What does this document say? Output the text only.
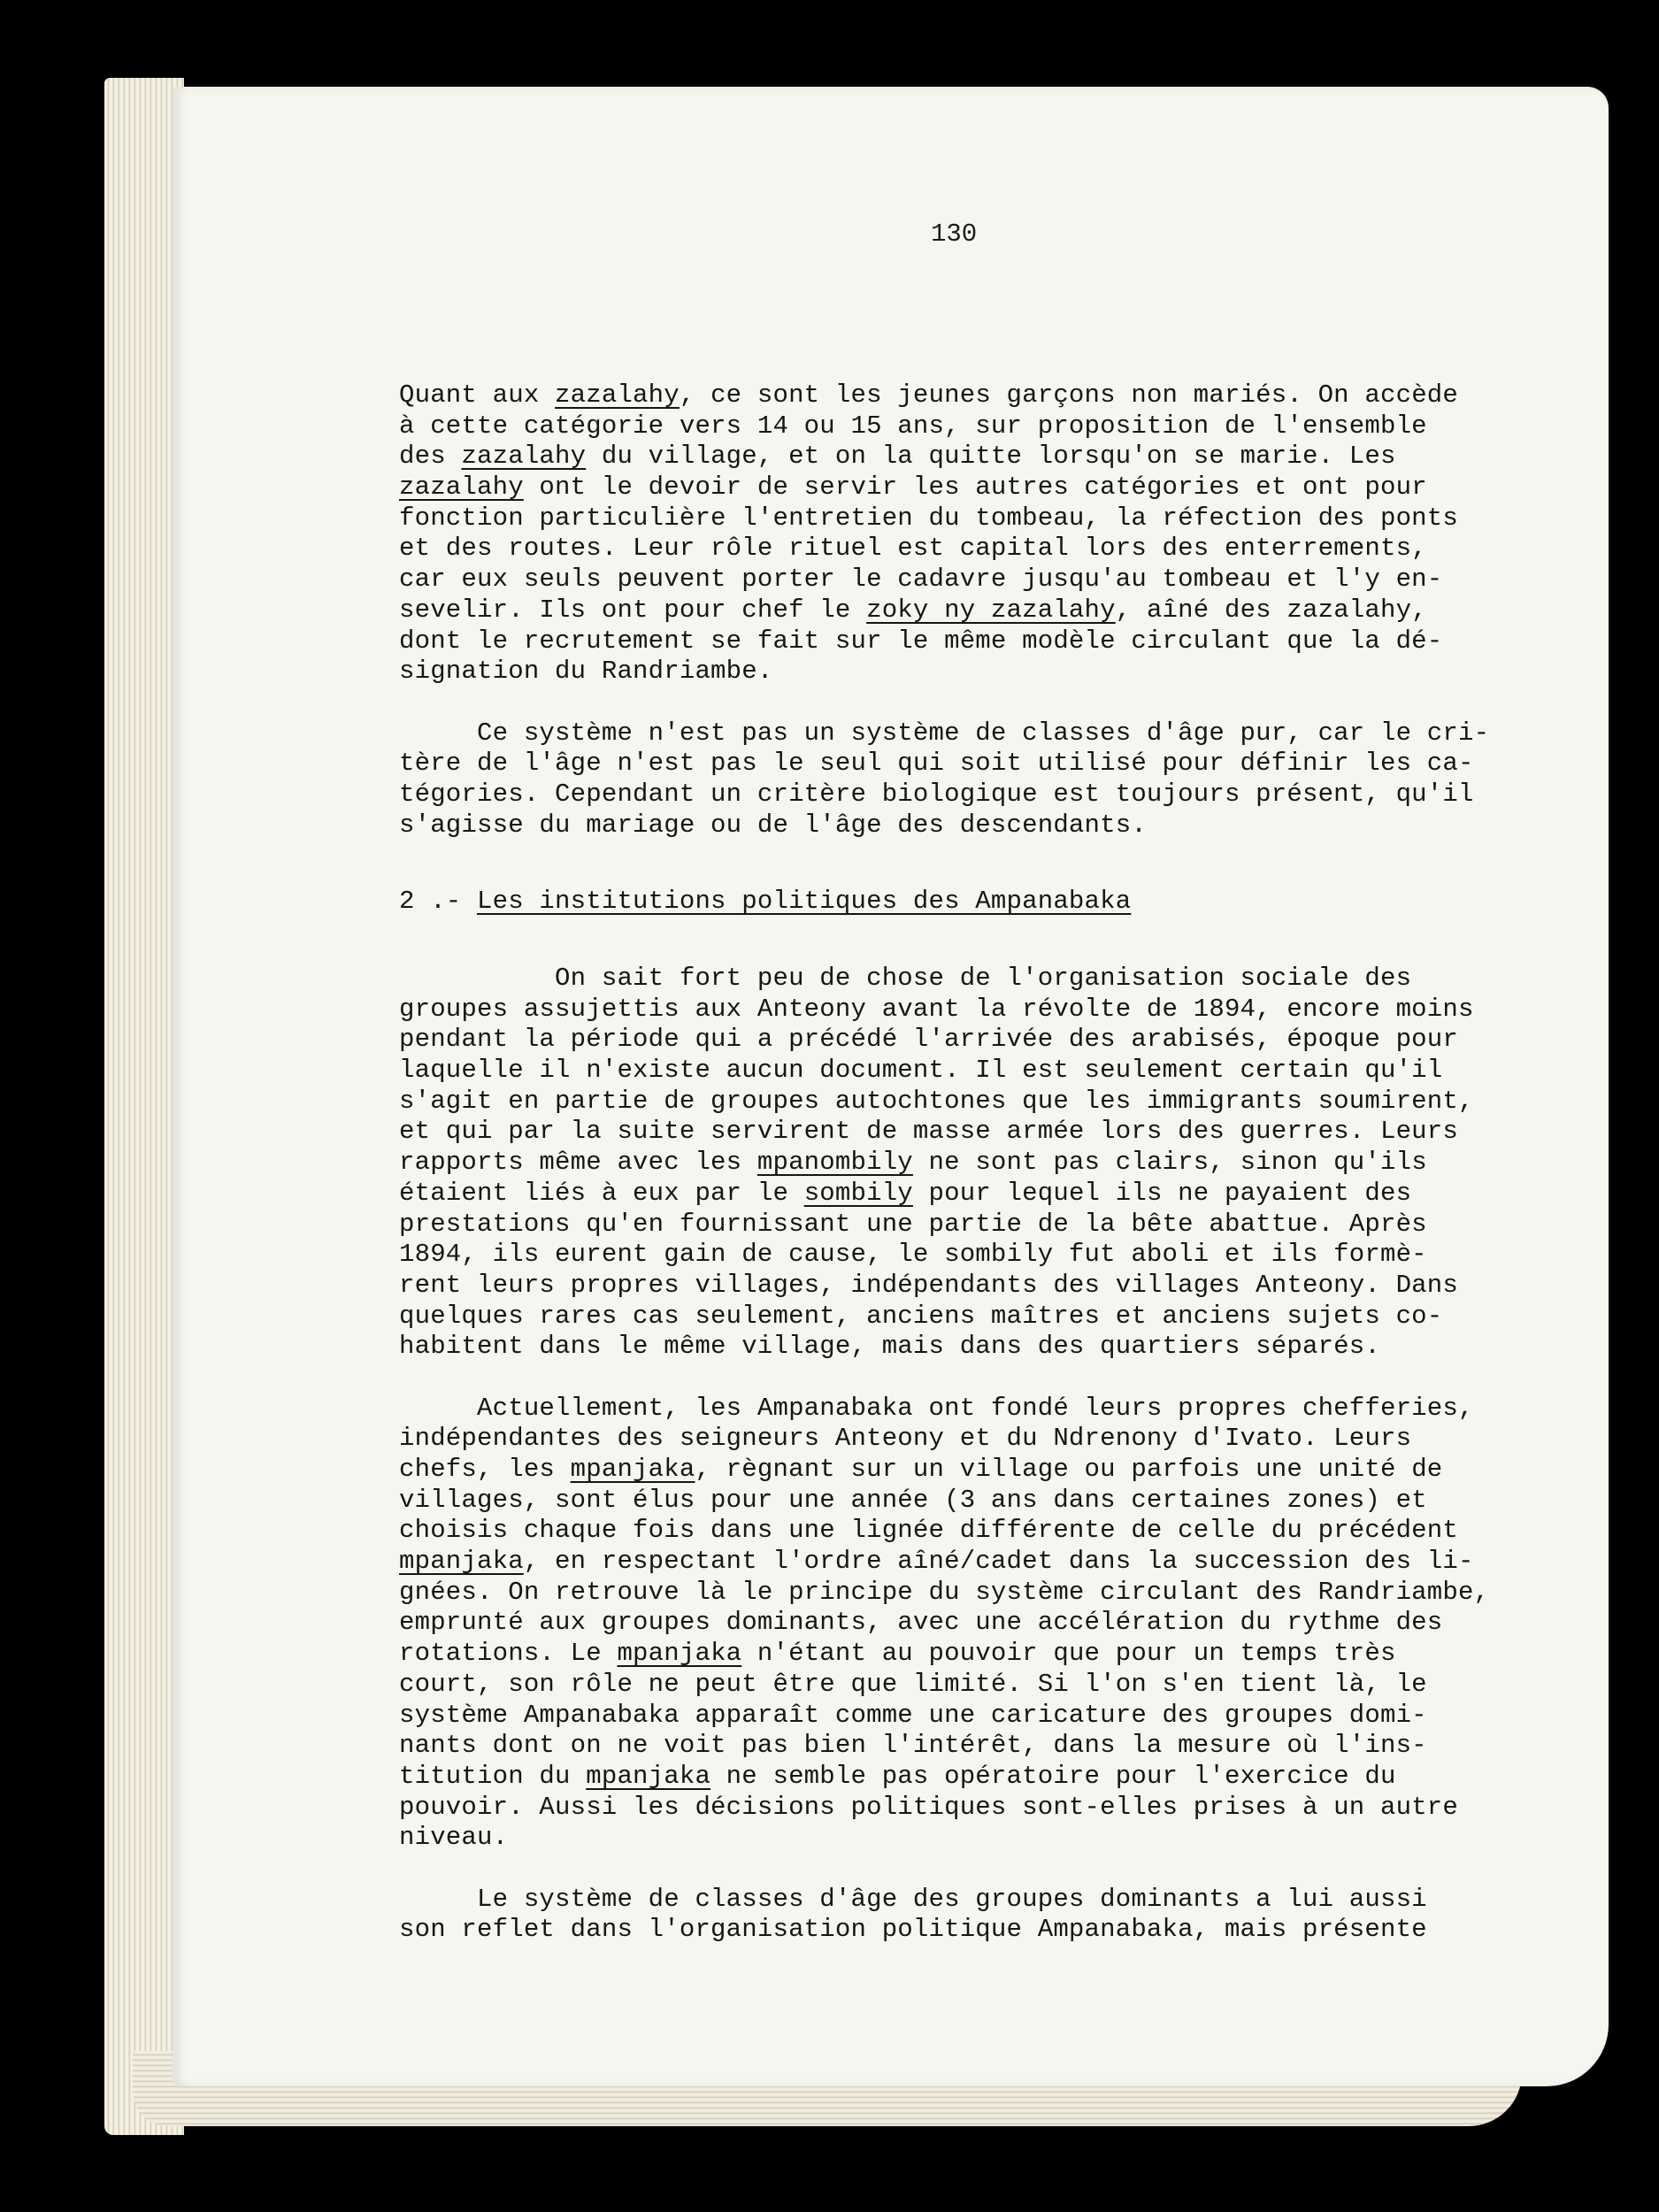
130
Quant aux zazalahy, ce sont les jeunes garçons non mariés. On accède
à cette catégorie vers 14 ou 15 ans, sur proposition de l'ensemble
des zazalahy du village, et on la quitte lorsqu'on se marie. Les
zazalahy ont le devoir de servir les autres catégories et ont pour
fonction particulière l'entretien du tombeau, la réfection des ponts
et des routes. Leur rôle rituel est capital lors des enterrements,
car eux seuls peuvent porter le cadavre jusqu'au tombeau et l'y en-
sevelir. Ils ont pour chef le zoky ny zazalahy, aîné des zazalahy,
dont le recrutement se fait sur le même modèle circulant que la dé-
signation du Randriambe.
Ce système n'est pas un système de classes d'âge pur, car le cri-
tère de l'âge n'est pas le seul qui soit utilisé pour définir les ca-
tégories. Cependant un critère biologique est toujours présent, qu'il
s'agisse du mariage ou de l'âge des descendants.
2 .- Les institutions politiques des Ampanabaka
On sait fort peu de chose de l'organisation sociale des
groupes assujettis aux Anteony avant la révolte de 1894, encore moins
pendant la période qui a précédé l'arrivée des arabisés, époque pour
laquelle il n'existe aucun document. Il est seulement certain qu'il
s'agit en partie de groupes autochtones que les immigrants soumirent,
et qui par la suite servirent de masse armée lors des guerres. Leurs
rapports même avec les mpanombily ne sont pas clairs, sinon qu'ils
étaient liés à eux par le sombily pour lequel ils ne payaient des
prestations qu'en fournissant une partie de la bête abattue. Après
1894, ils eurent gain de cause, le sombily fut aboli et ils formè-
rent leurs propres villages, indépendants des villages Anteony. Dans
quelques rares cas seulement, anciens maîtres et anciens sujets co-
habitent dans le même village, mais dans des quartiers séparés.
Actuellement, les Ampanabaka ont fondé leurs propres chefferies,
indépendantes des seigneurs Anteony et du Ndrenony d'Ivato. Leurs
chefs, les mpanjaka, règnant sur un village ou parfois une unité de
villages, sont élus pour une année (3 ans dans certaines zones) et
choisis chaque fois dans une lignée différente de celle du précédent
mpanjaka, en respectant l'ordre aîné/cadet dans la succession des li-
gnées. On retrouve là le principe du système circulant des Randriambe,
emprunté aux groupes dominants, avec une accélération du rythme des
rotations. Le mpanjaka n'étant au pouvoir que pour un temps très
court, son rôle ne peut être que limité. Si l'on s'en tient là, le
système Ampanabaka apparaît comme une caricature des groupes domi-
nants dont on ne voit pas bien l'intérêt, dans la mesure où l'ins-
titution du mpanjaka ne semble pas opératoire pour l'exercice du
pouvoir. Aussi les décisions politiques sont-elles prises à un autre
niveau.
Le système de classes d'âge des groupes dominants a lui aussi
son reflet dans l'organisation politique Ampanabaka, mais présente
